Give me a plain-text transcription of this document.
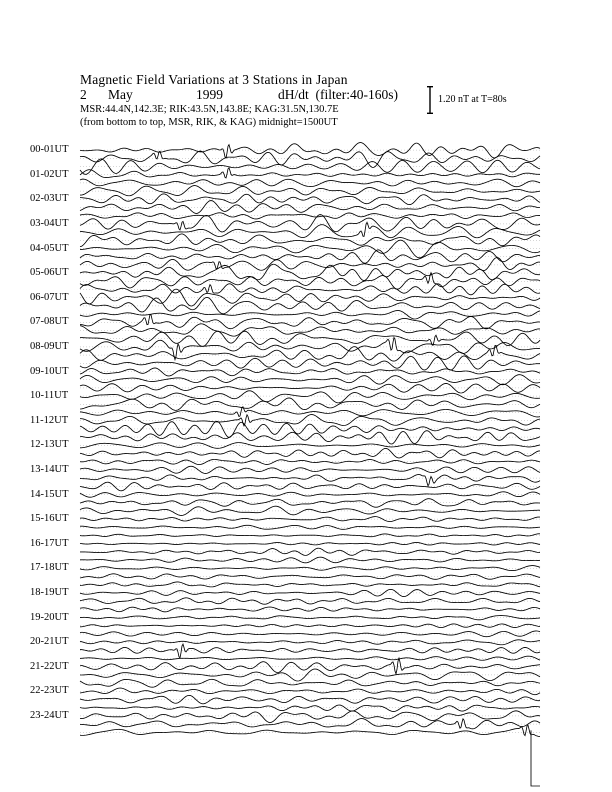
Magnetic Field Variations at 3 Stations in Japan
2	May	1999	dH/dt
(filter:40-160s)
MSR:44.4N,142.3E; RIK:43.5N,143.8E; KAG:31.5N,130.7E
(from bottom to top, MSR, RIK, & KAG) midnight=1500UT
1.20 nT at T=80s
00-01UT
01-02UT
02-03UT
03-04UT
04-05UT
05-06UT
06-07UT
07-08UT
08-09UT
09-10UT
10-11UT
11-12UT
12-13UT
13-14UT
14-15UT
15-16UT
16-17UT
17-18UT
18-19UT
19-20UT
20-21UT
21-22UT
22-23UT
23-24UT
